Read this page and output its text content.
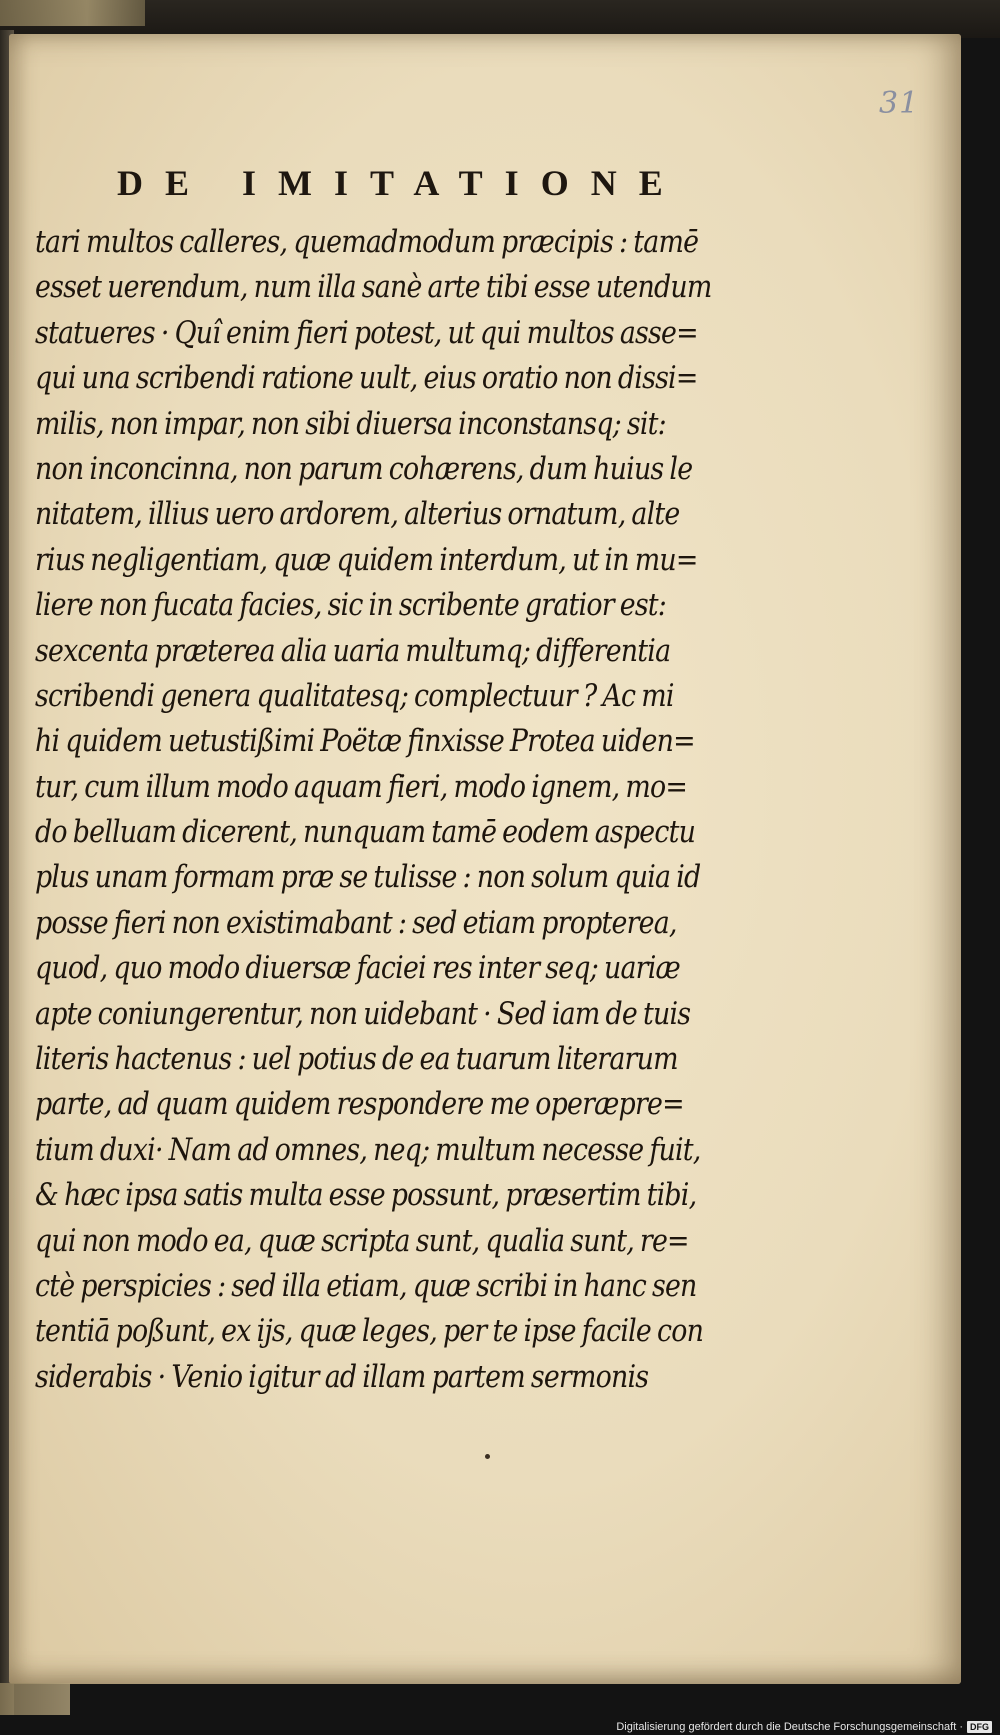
31
DE IMITATIONE
tari multos calleres, quemadmodum præcipis : tamē
esset uerendum, num illa sanè arte tibi esse utendum
statueres · Quî enim fieri potest, ut qui multos asse=
qui una scribendi ratione uult, eius oratio non dissi=
milis, non impar, non sibi diuersa inconstansq; sit:
non inconcinna, non parum cohærens, dum huius le
nitatem, illius uero ardorem, alterius ornatum, alte
rius negligentiam, quæ quidem interdum, ut in mu=
liere non fucata facies, sic in scribente gratior est:
sexcenta præterea alia uaria multumq; differentia
scribendi genera qualitatesq; complectuur ? Ac mi
hi quidem uetustißimi Poëtæ finxisse Protea uiden=
tur, cum illum modo aquam fieri, modo ignem, mo=
do belluam dicerent, nunquam tamē eodem aspectu
plus unam formam præ se tulisse : non solum quia id
posse fieri non existimabant : sed etiam propterea,
quod, quo modo diuersæ faciei res inter seq; uariæ
apte coniungerentur, non uidebant · Sed iam de tuis
literis hactenus : uel potius de ea tuarum literarum
parte, ad quam quidem respondere me operæpre=
tium duxi· Nam ad omnes, neq; multum necesse fuit,
& hæc ipsa satis multa esse possunt, præsertim tibi,
qui non modo ea, quæ scripta sunt, qualia sunt, re=
ctè perspicies : sed illa etiam, quæ scribi in hanc sen
tentiā poßunt, ex ijs, quæ leges, per te ipse facile con
siderabis · Venio igitur ad illam partem sermonis
Digitalisierung gefördert durch die Deutsche Forschungsgemeinschaft · DFG
